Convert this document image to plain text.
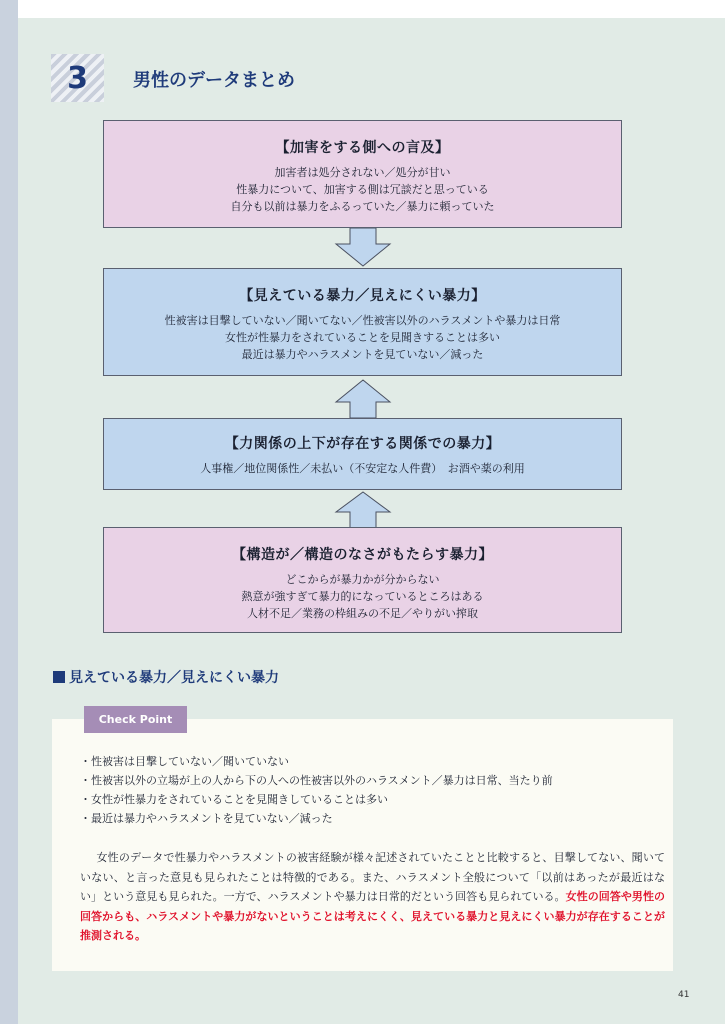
3	男性のデータまとめ
【加害をする側への言及】

加害者は処分されない／処分が甘い

性暴力について、加害する側は冗談だと思っている

自分も以前は暴力をふるっていた／暴力に頼っていた

【見えている暴力／見えにくい暴力】

性被害は目撃していない／聞いてない／性被害以外のハラスメントや暴力は日常

女性が性暴力をされていることを見聞きすることは多い

最近は暴力やハラスメントを見ていない／減った

【力関係の上下が存在する関係での暴力】

人事権／地位関係性／未払い（不安定な人件費）　お酒や薬の利用

【構造が／構造のなさがもたらす暴力】

どこからが暴力かが分からない

熱意が強すぎて暴力的になっているところはある

人材不足／業務の枠組みの不足／やりがい搾取

見えている暴力／見えにくい暴力
Check Point
・ 性被害は目撃していない／聞いていない
・ 性被害以外の立場が上の人から下の人への性被害以外のハラスメント／暴力は日常、当たり前
・ 女性が性暴力をされていることを見聞きしていることは多い
・ 最近は暴力やハラスメントを見ていない／減った

女性のデータで性暴力やハラスメントの被害経験が様々記述されていたことと比較すると、目撃してない、聞いていない、と言った意見も見られたことは特徴的である。また、ハラスメント全般について「以前はあったが最近はない」という意見も見られた。一方で、ハラスメントや暴力は日常的だという回答も見られている。女性の回答や男性の回答からも、ハラスメントや暴力がないということは考えにくく、見えている暴力と見えにくい暴力が存在することが推測される。

41
